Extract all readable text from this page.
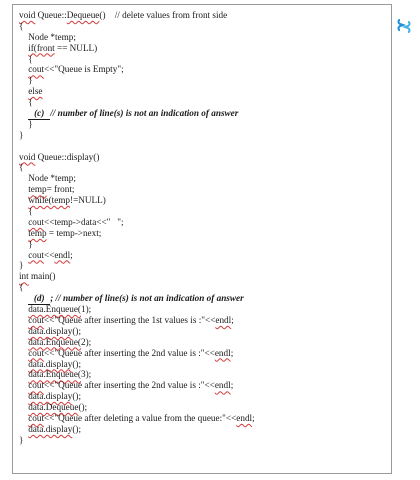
void Queue:: Dequeue ()    // delete values from front side
{
Node *temp;

if(front == NULL)
{

cout <<"Queue is Empty";
}

else
{

(c) // number of line(s) is not an indication of answer
}
}
void Queue::display()
{
Node *temp;

temp = front;

while(temp !=NULL)
{

cout <<temp->data<<"   ";

temp = temp->next;
}

cout << endl ;
}
int main()
{

(d) ; // number of line(s) is not an indication of answer

data.Enqueue( 1);

cout <<"Queue after inserting the 1st values is :"<< endl ;

data.display ();

data.Enqueue( 2);

cout <<"Queue after inserting the 2nd value is :"<< endl ;

data.display ();

data.Enqueue( 3);

cout <<"Queue after inserting the 2nd value is :"<< endl ;

data.display ();

data.Dequeue ();

cout <<"Queue after deleting a value from the queue:"<< endl ;

data.display ();
}
